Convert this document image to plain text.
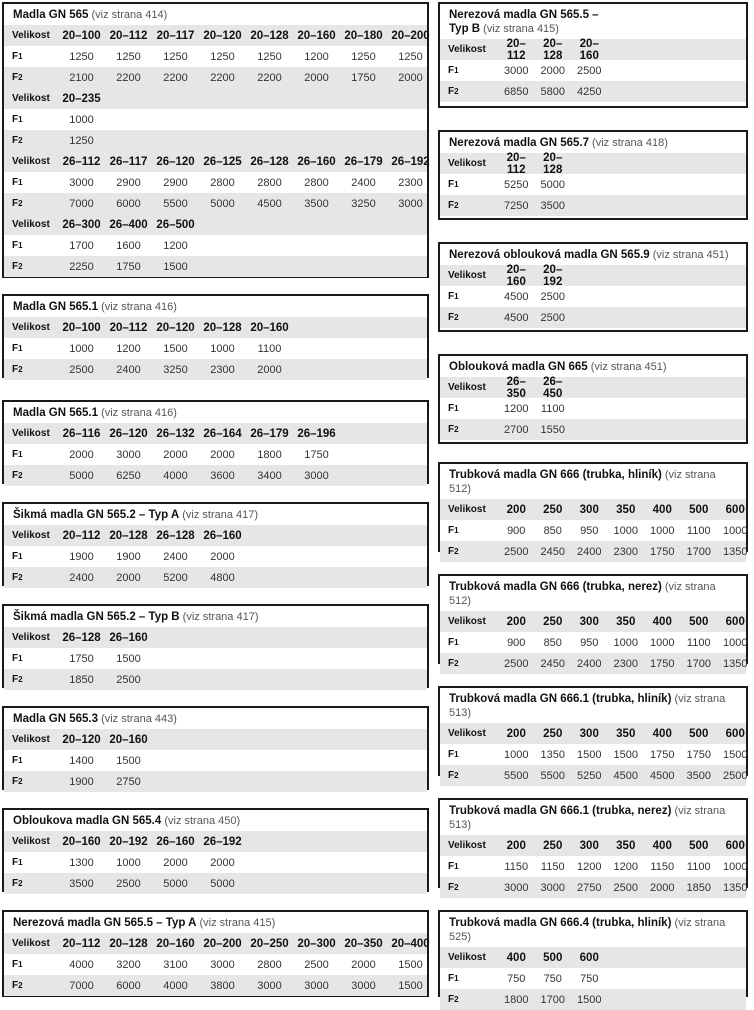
Madla GN 565 (viz strana 414)
Velikost	20–100 20–112 20–117 20–120 20–128 20–160 20–180 20–200
F1	1250	1250	1250	1250	1250	1200	1250	1250
F2	2100	2200	2200	2200	2200	2000	1750	2000
Velikost	20–235
F1	1000
F2	1250
Velikost	26–112 26–117 26–120 26–125 26–128 26–160 26–179 26–192
F1	3000	2900	2900	2800	2800	2800	2400	2300
F2	7000	6000	5500	5000	4500	3500	3250	3000
Velikost	26–300 26–400 26–500
F1	1700	1600	1200
F2	2250	1750	1500
Madla GN 565.1 (viz strana 416)
Velikost	20–100 20–112 20–120 20–128 20–160
F1	1000	1200	1500	1000	1100
F2	2500	2400	3250	2300	2000
Madla GN 565.1 (viz strana 416)
Velikost	26–116 26–120 26–132 26–164 26–179 26–196
F1	2000	3000	2000	2000	1800	1750
F2	5000	6250	4000	3600	3400	3000
Šikmá madla GN 565.2 – Typ A (viz strana 417)
Velikost	20–112 20–128 26–128 26–160
F1	1900	1900	2400	2000
F2	2400	2000	5200	4800
Šikmá madla GN 565.2 – Typ B (viz strana 417)
Velikost	26–128 26–160
F1	1750	1500
F2	1850	2500
Madla GN 565.3 (viz strana 443)
Velikost	20–120 20–160
F1	1400	1500
F2	1900	2750
Obloukova madla GN 565.4 (viz strana 450)
Velikost	20–160 20–192 26–160 26–192
F1	1300	1000	2000	2000
F2	3500	2500	5000	5000
Nerezová madla GN 565.5 – Typ A (viz strana 415)
Velikost	20–112 20–128 20–160 20–200 20–250 20–300 20–350 20–400
F1	4000	3200	3100	3000	2800	2500	2000	1500
F2	7000	6000	4000	3800	3000	3000	3000	1500
Nerezová madla GN 565.5 –
Typ B (viz strana 415)
Velikost	20–112
20–128
20–160
F1	3000	2000	2500
F2	6850	5800	4250
Nerezová madla GN 565.7 (viz strana 418)
Velikost	20–112
20–128
F1	5250	5000
F2	7250	3500
Nerezová oblouková madla GN 565.9 (viz strana 451)
Velikost	20–160
20–192
F1	4500	2500
F2	4500	2500
Oblouková madla GN 665 (viz strana 451)
Velikost	26–350
26–450
F1	1200	1100
F2	2700	1550
Trubková madla GN 666 (trubka, hliník) (viz strana 512)
Velikost	200	250	300	350	400	500	600
F1	900	850	950	1000	1000	1100	1000
F2	2500	2450	2400	2300	1750	1700	1350
Trubková madla GN 666 (trubka, nerez) (viz strana 512)
Velikost	200	250	300	350	400	500	600
F1	900	850	950	1000	1000	1100	1000
F2	2500	2450	2400	2300	1750	1700	1350
Trubková madla GN 666.1 (trubka, hliník) (viz strana 513)
Velikost	200	250	300	350	400	500	600
F1	1000	1350	1500	1500	1750	1750	1500
F2	5500	5500	5250	4500	4500	3500	2500
Trubková madla GN 666.1 (trubka, nerez) (viz strana 513)
Velikost	200	250	300	350	400	500	600
F1	1150	1150	1200	1200	1150	1100	1000
F2	3000	3000	2750	2500	2000	1850	1350
Trubková madla GN 666.4 (trubka, hliník) (viz strana 525)
Velikost	400	500	600
F1	750	750	750
F2	1800	1700	1500
